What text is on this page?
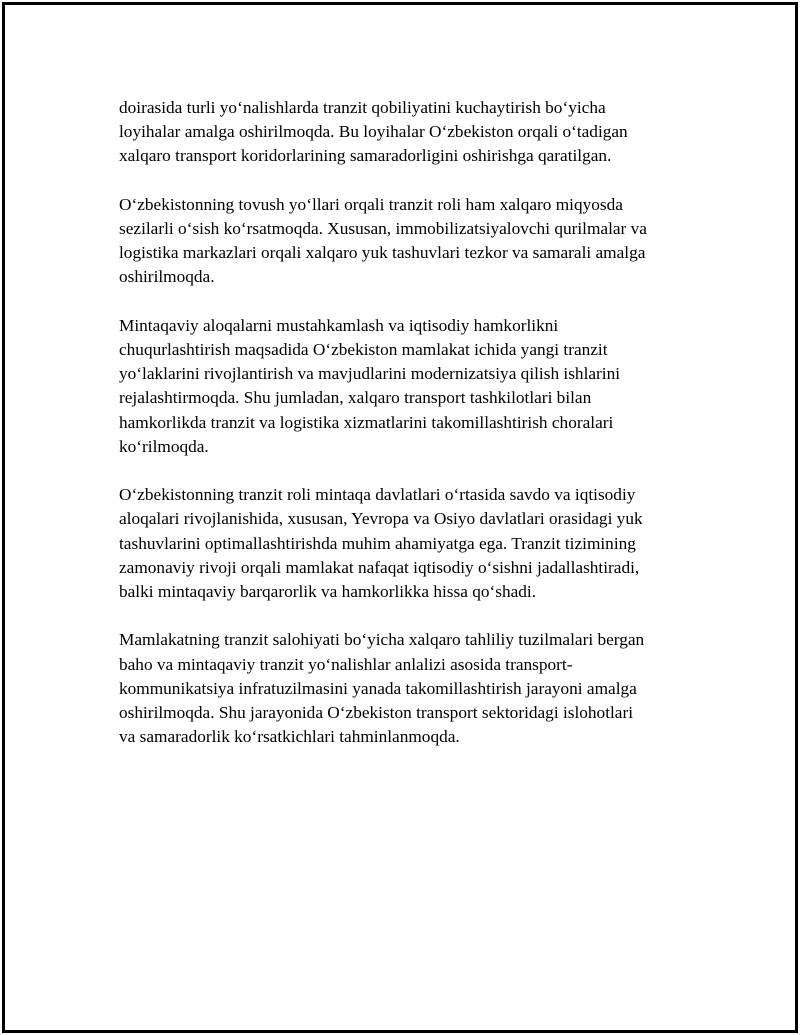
doirasida turli yoʻnalishlarda tranzit qobiliyatini kuchaytirish boʻyicha
loyihalar amalga oshirilmoqda. Bu loyihalar Oʻzbekiston orqali oʻtadigan
xalqaro transport koridorlarining samaradorligini oshirishga qaratilgan.

Oʻzbekistonning tovush yoʻllari orqali tranzit roli ham xalqaro miqyosda
sezilarli oʻsish koʻrsatmoqda. Xususan, immobilizatsiyalovchi qurilmalar va
logistika markazlari orqali xalqaro yuk tashuvlari tezkor va samarali amalga
oshirilmoqda.

Mintaqaviy aloqalarni mustahkamlash va iqtisodiy hamkorlikni
chuqurlashtirish maqsadida Oʻzbekiston mamlakat ichida yangi tranzit
yoʻlaklarini rivojlantirish va mavjudlarini modernizatsiya qilish ishlarini
rejalashtirmoqda. Shu jumladan, xalqaro transport tashkilotlari bilan
hamkorlikda tranzit va logistika xizmatlarini takomillashtirish choralari
koʻrilmoqda.

Oʻzbekistonning tranzit roli mintaqa davlatlari oʻrtasida savdo va iqtisodiy
aloqalari rivojlanishida, xususan, Yevropa va Osiyo davlatlari orasidagi yuk
tashuvlarini optimallashtirishda muhim ahamiyatga ega. Tranzit tizimining
zamonaviy rivoji orqali mamlakat nafaqat iqtisodiy oʻsishni jadallashtiradi,
balki mintaqaviy barqarorlik va hamkorlikka hissa qoʻshadi.

Mamlakatning tranzit salohiyati boʻyicha xalqaro tahliliy tuzilmalari bergan
baho va mintaqaviy tranzit yoʻnalishlar anlalizi asosida transport-
kommunikatsiya infratuzilmasini yanada takomillashtirish jarayoni amalga
oshirilmoqda. Shu jarayonida Oʻzbekiston transport sektoridagi islohotlari
va samaradorlik koʻrsatkichlari tahminlanmoqda.
